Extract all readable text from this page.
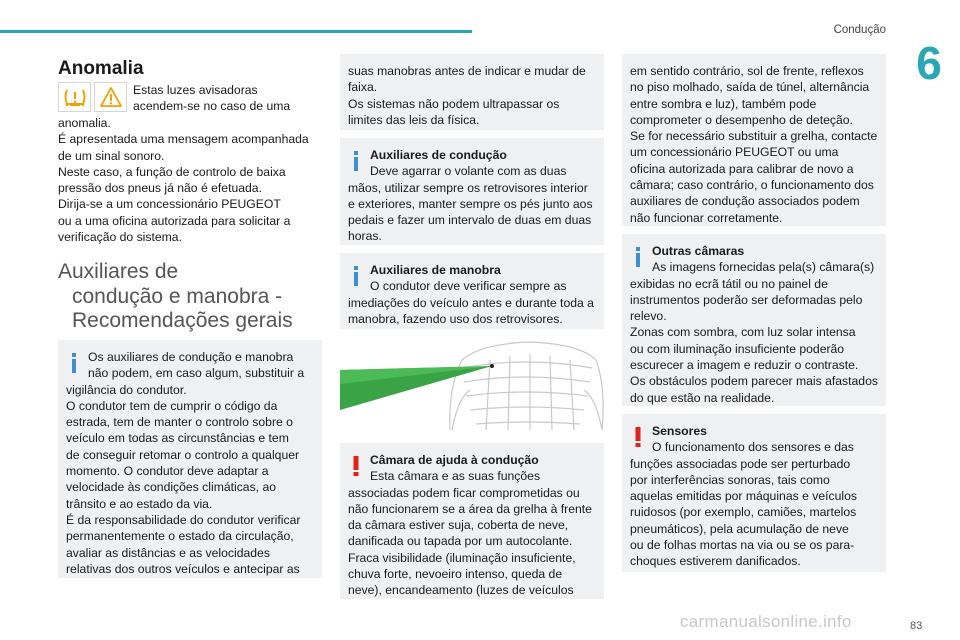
Condução
6
Anomalia
Estas luzes avisadoras acendem-se no caso de uma
anomalia.
É apresentada uma mensagem acompanhada
de um sinal sonoro.
Neste caso, a função de controlo de baixa
pressão dos pneus já não é efetuada.
Dirija-se a um concessionário PEUGEOT
ou a uma oficina autorizada para solicitar a
verificação do sistema.
Auxiliares de
condução e manobra -
Recomendações gerais

Os auxiliares de condução e manobra não podem, em caso algum, substituir a

vigilância do condutor.

O condutor tem de cumprir o código da

estrada, tem de manter o controlo sobre o

veículo em todas as circunstâncias e tem

de conseguir retomar o controlo a qualquer

momento. O condutor deve adaptar a

velocidade às condições climáticas, ao

trânsito e ao estado da via.

É da responsabilidade do condutor verificar

permanentemente o estado da circulação,

avaliar as distâncias e as velocidades

relativas dos outros veículos e antecipar as

suas manobras antes de indicar e mudar de

faixa.

Os sistemas não podem ultrapassar os

limites das leis da física.

Auxiliares de condução

Deve agarrar o volante com as duas

mãos, utilizar sempre os retrovisores interior

e exteriores, manter sempre os pés junto aos

pedais e fazer um intervalo de duas em duas

horas.

Auxiliares de manobra

O condutor deve verificar sempre as

imediações do veículo antes e durante toda a

manobra, fazendo uso dos retrovisores.

Câmara de ajuda à condução

Esta câmara e as suas funções

associadas podem ficar comprometidas ou

não funcionarem se a área da grelha à frente

da câmara estiver suja, coberta de neve,

danificada ou tapada por um autocolante.

Fraca visibilidade (iluminação insuficiente,

chuva forte, nevoeiro intenso, queda de

neve), encandeamento (luzes de veículos

em sentido contrário, sol de frente, reflexos

no piso molhado, saída de túnel, alternância

entre sombra e luz), também pode

comprometer o desempenho de deteção.

Se for necessário substituir a grelha, contacte

um concessionário PEUGEOT ou uma

oficina autorizada para calibrar de novo a

câmara; caso contrário, o funcionamento dos

auxiliares de condução associados podem

não funcionar corretamente.

Outras câmaras

As imagens fornecidas pela(s) câmara(s)

exibidas no ecrã tátil ou no painel de

instrumentos poderão ser deformadas pelo

relevo.

Zonas com sombra, com luz solar intensa

ou com iluminação insuficiente poderão

escurecer a imagem e reduzir o contraste.

Os obstáculos podem parecer mais afastados

do que estão na realidade.

Sensores

O funcionamento dos sensores e das

funções associadas pode ser perturbado

por interferências sonoras, tais como

aquelas emitidas por máquinas e veículos

ruidosos (por exemplo, camiões, martelos

pneumáticos), pela acumulação de neve

ou de folhas mortas na via ou se os para-

choques estiverem danificados.

carmanualsonline.info	83
